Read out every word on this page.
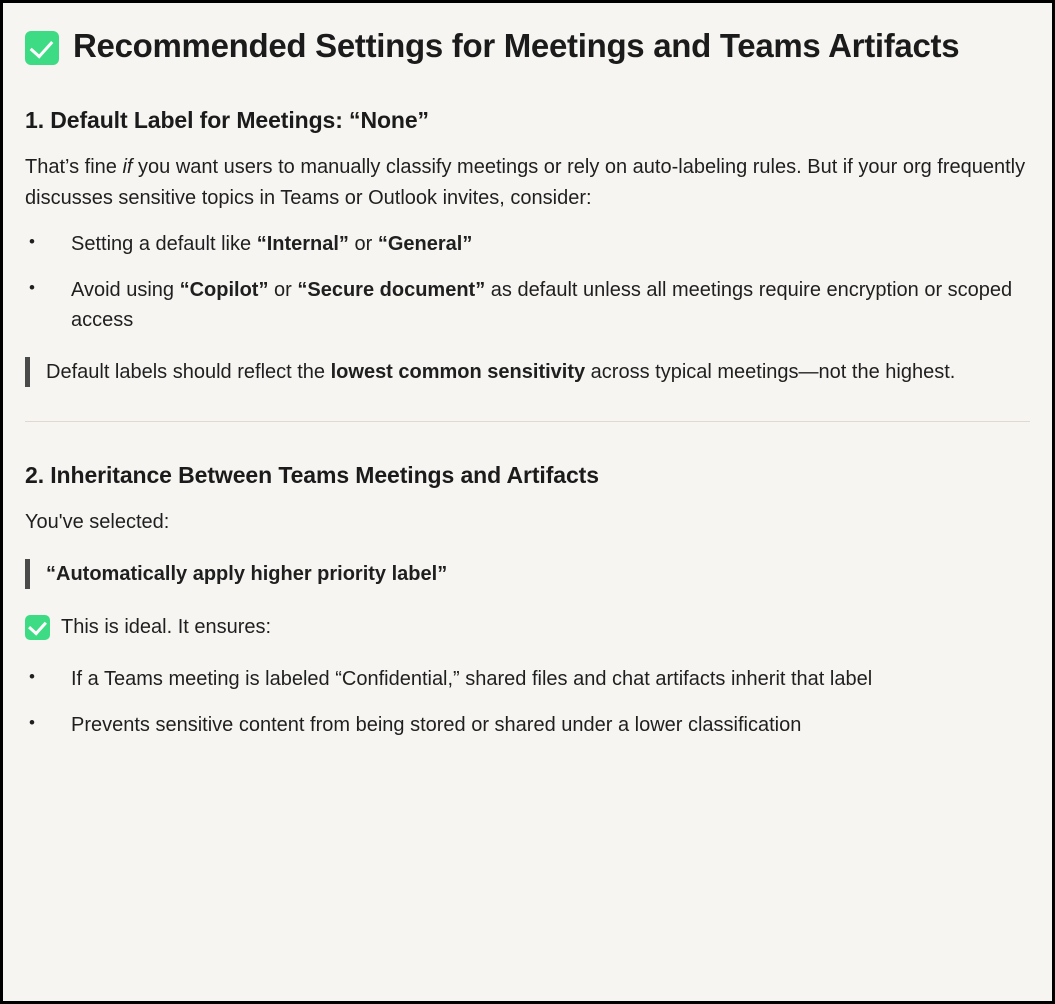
Recommended Settings for Meetings and Teams Artifacts
1. Default Label for Meetings: “None”

That’s fine if you want users to manually classify meetings or rely on auto-labeling rules. But if your org frequently discusses sensitive topics in Teams or Outlook invites, consider:

• Setting a default like “Internal” or “General”
• Avoid using “Copilot” or “Secure document” as default unless all meetings require encryption or scoped access
Default labels should reflect the lowest common sensitivity across typical meetings—not the highest.
2. Inheritance Between Teams Meetings and Artifacts

You've selected:

“Automatically apply higher priority label”
This is ideal. It ensures:
• If a Teams meeting is labeled “Confidential,” shared files and chat artifacts inherit that label
• Prevents sensitive content from being stored or shared under a lower classification
